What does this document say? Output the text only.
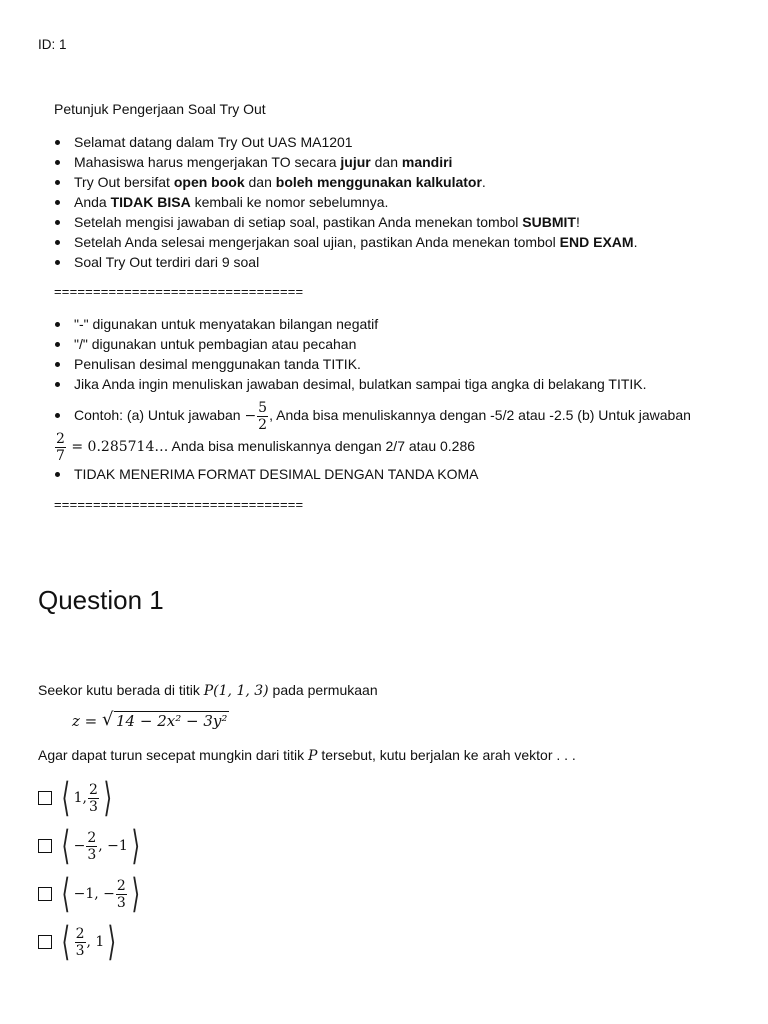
ID: 1
Petunjuk Pengerjaan Soal Try Out
Selamat datang dalam Try Out UAS MA1201
Mahasiswa harus mengerjakan TO secara jujur dan mandiri
Try Out bersifat open book dan boleh menggunakan kalkulator.
Anda TIDAK BISA kembali ke nomor sebelumnya.
Setelah mengisi jawaban di setiap soal, pastikan Anda menekan tombol SUBMIT!
Setelah Anda selesai mengerjakan soal ujian, pastikan Anda menekan tombol END EXAM.
Soal Try Out terdiri dari 9 soal
================================
"-" digunakan untuk menyatakan bilangan negatif
"/" digunakan untuk pembagian atau pecahan
Penulisan desimal menggunakan tanda TITIK.
Jika Anda ingin menuliskan jawaban desimal, bulatkan sampai tiga angka di belakang TITIK.
Contoh: (a) Untuk jawaban − $\frac{5}{2}$ , Anda bisa menuliskannya dengan -5/2 atau -2.5 (b) Untuk jawaban
$\frac{2}{7}$ = 0.285714… Anda bisa menuliskannya dengan 2/7 atau 0.286
TIDAK MENERIMA FORMAT DESIMAL DENGAN TANDA KOMA
================================
Question 1
Seekor kutu berada di titik P(1, 1, 3) pada permukaan
z = √ 14 − 2x² − 3y²
Agar dapat turun secepat mungkin dari titik P tersebut, kutu berjalan ke arah vektor . . .
⟨ 1, $\frac{2}{3}$ ⟩
⟨ − $\frac{2}{3}$ , −1 ⟩
⟨ −1, − $\frac{2}{3}$ ⟩
⟨ $\frac{2}{3}$ , 1 ⟩
